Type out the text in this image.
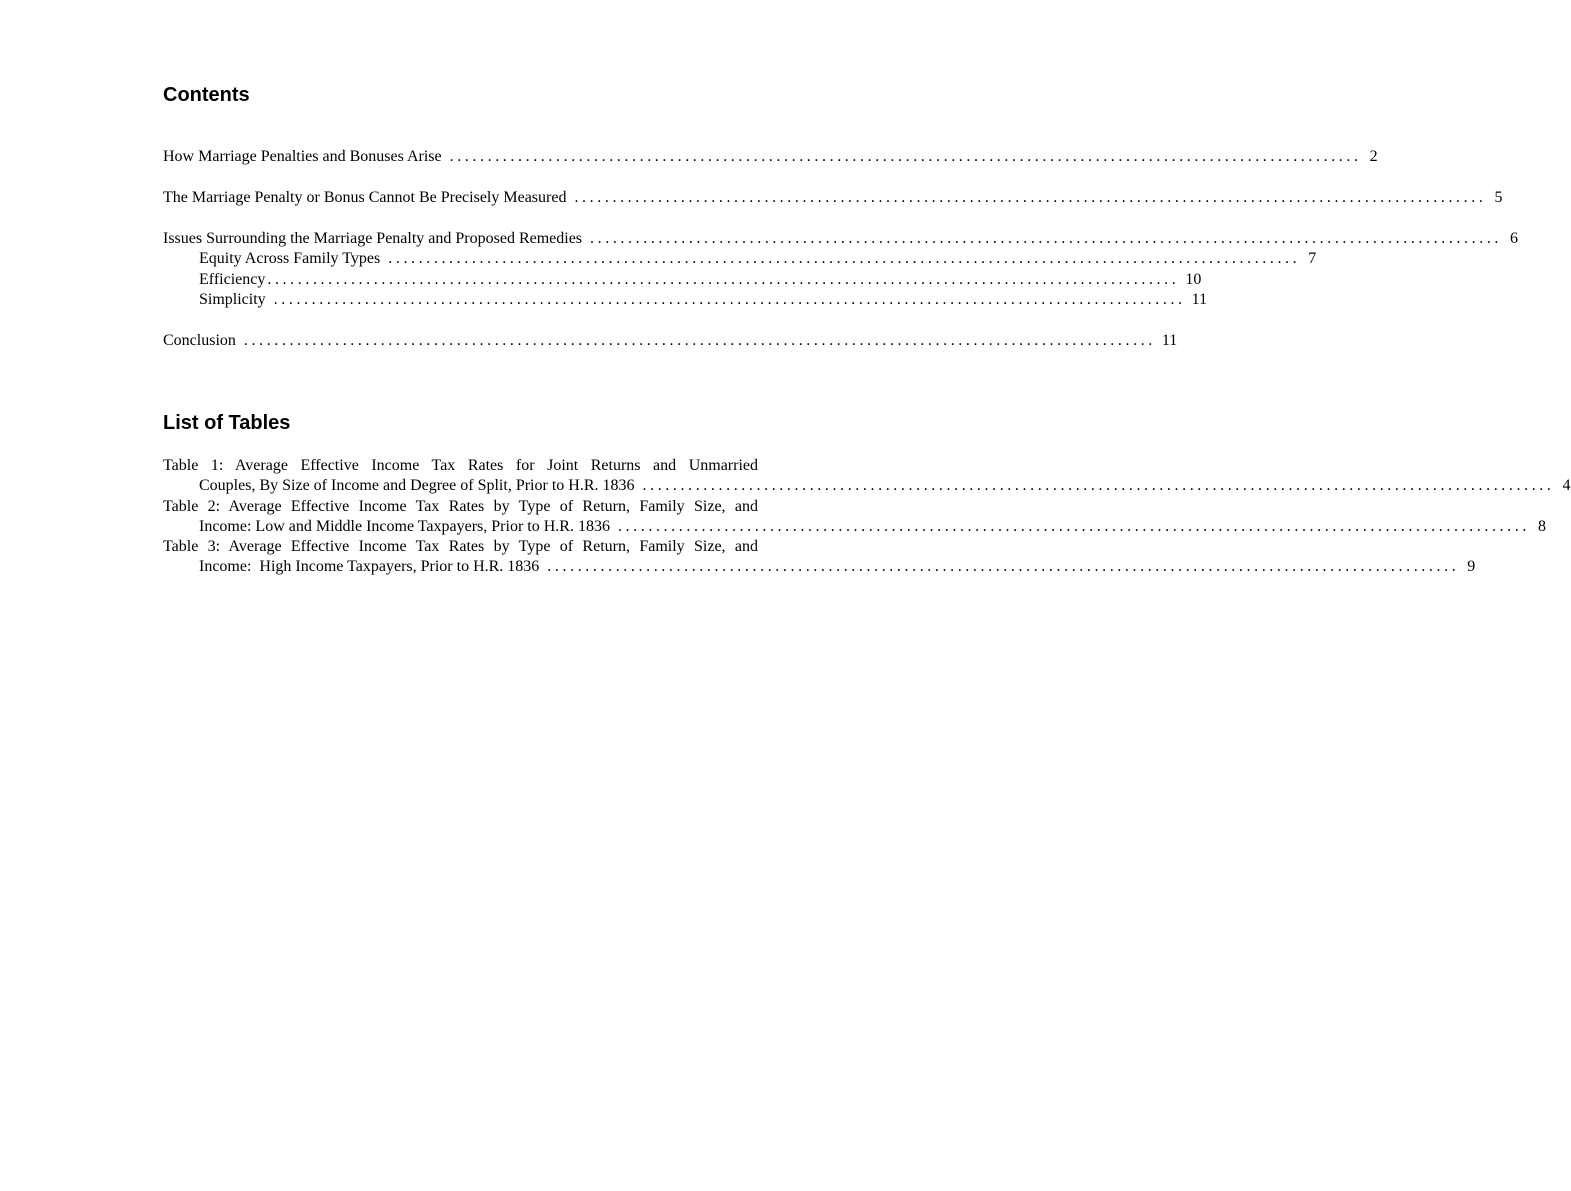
Contents
How Marriage Penalties and Bonuses Arise ........................................................................................................................ 2
The Marriage Penalty or Bonus Cannot Be Precisely Measured ........................................................................................................................ 5
Issues Surrounding the Marriage Penalty and Proposed Remedies ........................................................................................................................ 6
Equity Across Family Types ........................................................................................................................ 7
Efficiency ........................................................................................................................ 10
Simplicity ........................................................................................................................ 11
Conclusion ........................................................................................................................ 11
List of Tables
Table 1: Average Effective Income Tax Rates for Joint Returns and Unmarried
Couples, By Size of Income and Degree of Split, Prior to H.R. 1836 ........................................................................................................................ 4
Table 2: Average Effective Income Tax Rates by Type of Return, Family Size, and
Income: Low and Middle Income Taxpayers, Prior to H.R. 1836 ........................................................................................................................ 8
Table 3: Average Effective Income Tax Rates by Type of Return, Family Size, and
Income:  High Income Taxpayers, Prior to H.R. 1836 ........................................................................................................................ 9
